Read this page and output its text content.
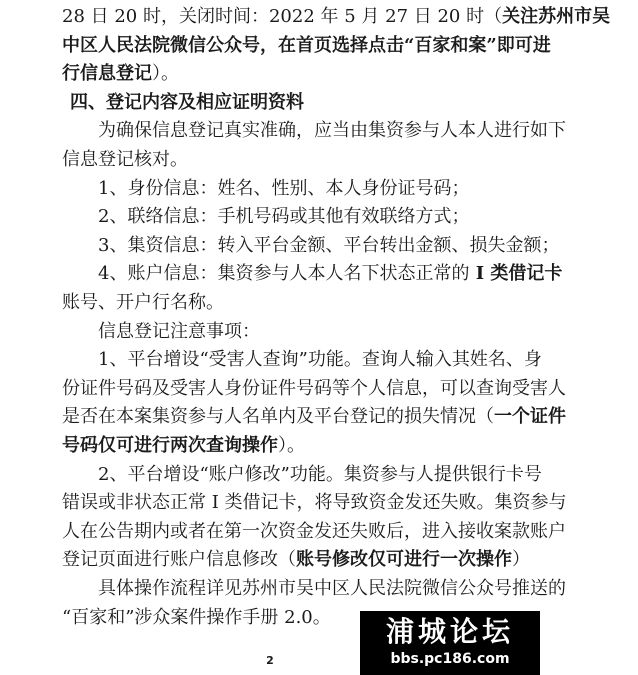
28 日 20 时，关闭时间：2022 年 5 月 27 日 20 时（关注苏州市吴
中区人民法院微信公众号，在首页选择点击“百家和案”即可进
行信息登记）。
四、登记内容及相应证明资料
为确保信息登记真实准确，应当由集资参与人本人进行如下
信息登记核对。
1、身份信息：姓名、性别、本人身份证号码；
2、联络信息：手机号码或其他有效联络方式；
3、集资信息：转入平台金额、平台转出金额、损失金额；
4、账户信息：集资参与人本人名下状态正常的 I 类借记卡
账号、开户行名称。
信息登记注意事项：
1、平台增设“受害人查询”功能。查询人输入其姓名、身
份证件号码及受害人身份证件号码等个人信息，可以查询受害人
是否在本案集资参与人名单内及平台登记的损失情况（一个证件
号码仅可进行两次查询操作）。
2、平台增设“账户修改”功能。集资参与人提供银行卡号
错误或非状态正常 I 类借记卡，将导致资金发还失败。集资参与
人在公告期内或者在第一次资金发还失败后，进入接收案款账户
登记页面进行账户信息修改（账号修改仅可进行一次操作）
具体操作流程详见苏州市吴中区人民法院微信公众号推送的
“百家和”涉众案件操作手册 2.0。
2
浦城论坛
bbs.pc186.com
